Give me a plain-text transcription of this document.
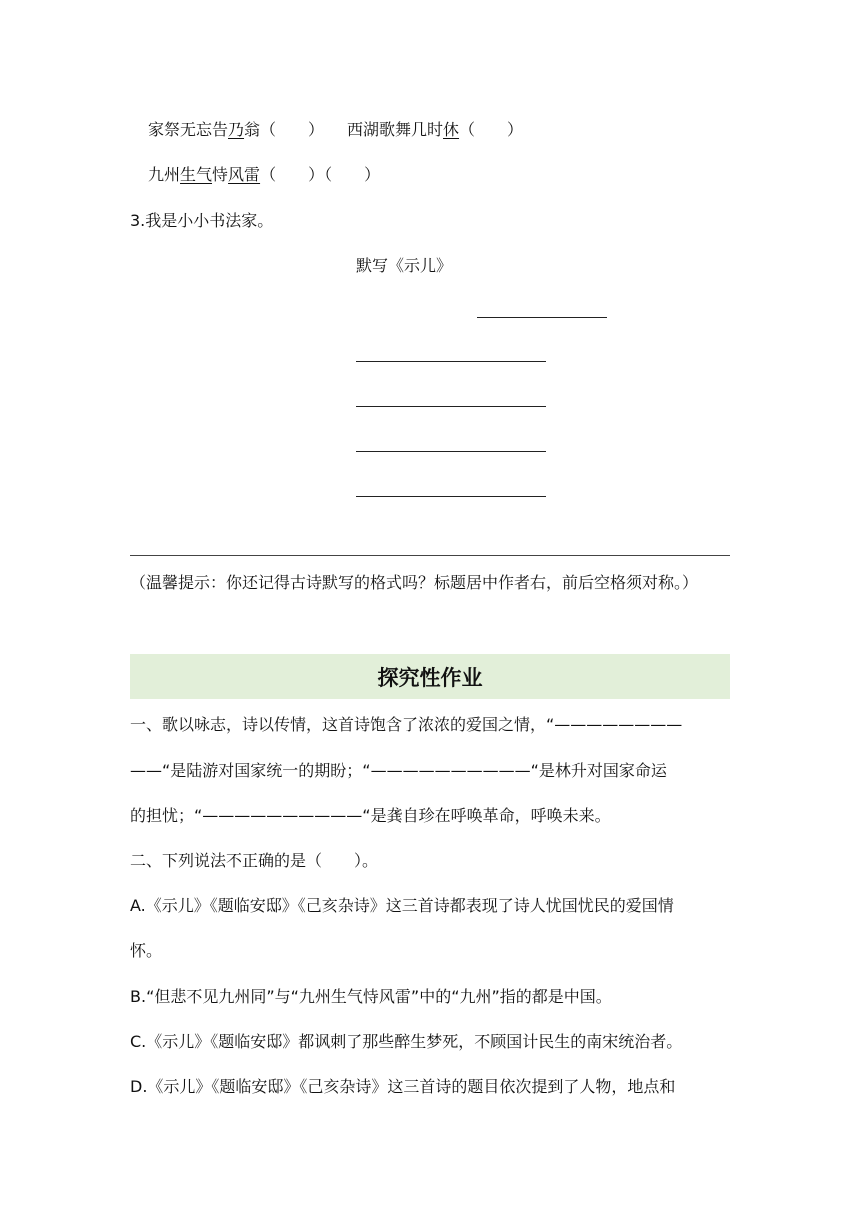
家祭无忘告乃翁（　　） 西湖歌舞几时休（　　）
九州生气恃风雷（　　）（　　）
3.我是小小书法家。
默写《示儿》
（温馨提示：你还记得古诗默写的格式吗？标题居中作者右，前后空格须对称。）
探究性作业
一、歌以咏志，诗以传情，这首诗饱含了浓浓的爱国之情，“————————
——“是陆游对国家统一的期盼；“——————————“是林升对国家命运
的担忧；“——————————“是龚自珍在呼唤革命，呼唤未来。
二、下列说法不正确的是（　　）。
A.《示儿》《题临安邸》《己亥杂诗》这三首诗都表现了诗人忧国忧民的爱国情
怀。
B.“但悲不见九州同”与“九州生气恃风雷”中的“九州”指的都是中国。
C.《示儿》《题临安邸》都讽刺了那些醉生梦死，不顾国计民生的南宋统治者。
D.《示儿》《题临安邸》《己亥杂诗》这三首诗的题目依次提到了人物，地点和
